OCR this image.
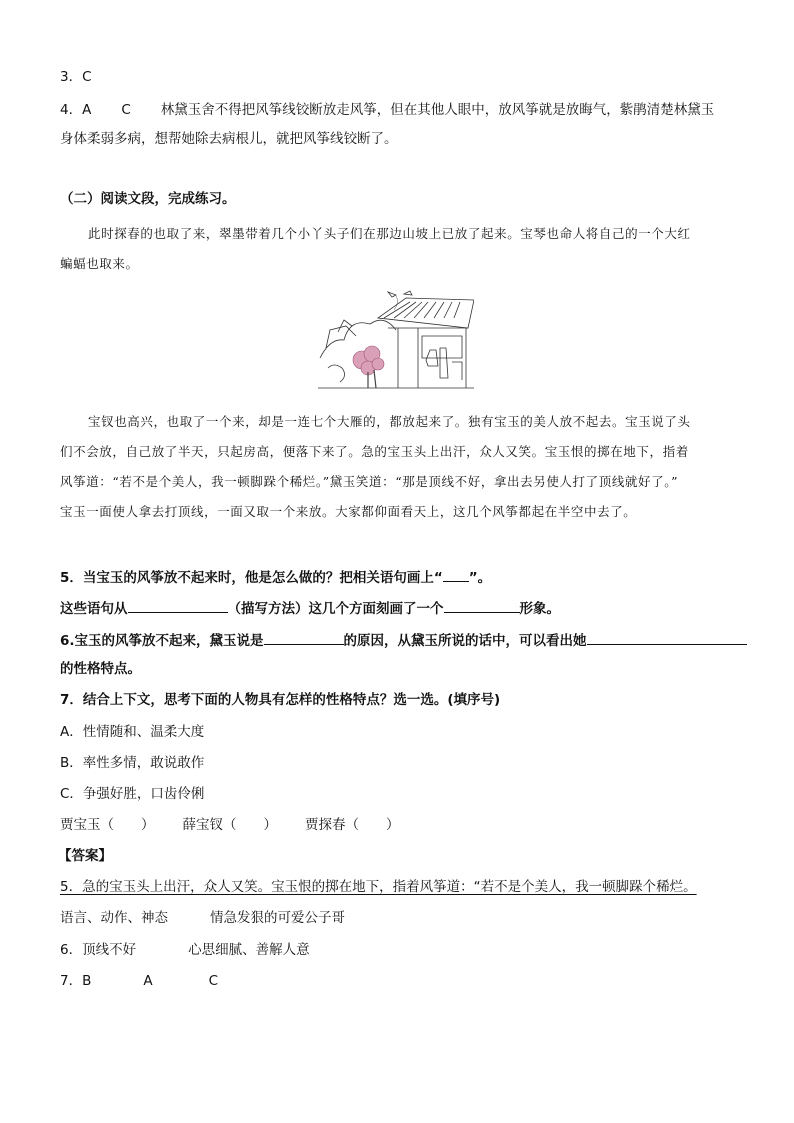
3．C
4．A C 林黛玉舍不得把风筝线铰断放走风筝，但在其他人眼中，放风筝就是放晦气，紫鹃清楚林黛玉
身体柔弱多病，想帮她除去病根儿，就把风筝线铰断了。
（二）阅读文段，完成练习。
此时探春的也取了来，翠墨带着几个小丫头子们在那边山坡上已放了起来。宝琴也命人将自己的一个大红
蝙蝠也取来。
宝钗也高兴，也取了一个来，却是一连七个大雁的，都放起来了。独有宝玉的美人放不起去。宝玉说了头
们不会放，自己放了半天，只起房高，便落下来了。急的宝玉头上出汗，众人又笑。宝玉恨的掷在地下，指着
风筝道：“若不是个美人，我一顿脚跺个稀烂。”黛玉笑道：“那是顶线不好，拿出去另使人打了顶线就好了。”
宝玉一面使人拿去打顶线，一面又取一个来放。大家都仰面看天上，这几个风筝都起在半空中去了。
5．当宝玉的风筝放不起来时，他是怎么做的？把相关语句画上“ ”。
这些语句从	（描写方法）这几个方面刻画了一个	形象。
6.宝玉的风筝放不起来，黛玉说是	的原因，从黛玉所说的话中，可以看出她
的性格特点。
7．结合上下文，思考下面的人物具有怎样的性格特点？选一选。(填序号)
A．性情随和、温柔大度
B．率性多情，敢说敢作
C．争强好胜，口齿伶俐
贾宝玉（　　） 薛宝钗（　　） 贾探春（　　）
【答案】
5．急的宝玉头上出汗，众人又笑。宝玉恨的掷在地下，指着风筝道：“若不是个美人，我一顿脚跺个稀烂。
语言、动作、神态	情急发狠的可爱公子哥
6．顶线不好	心思细腻、善解人意
7．B	A	C
